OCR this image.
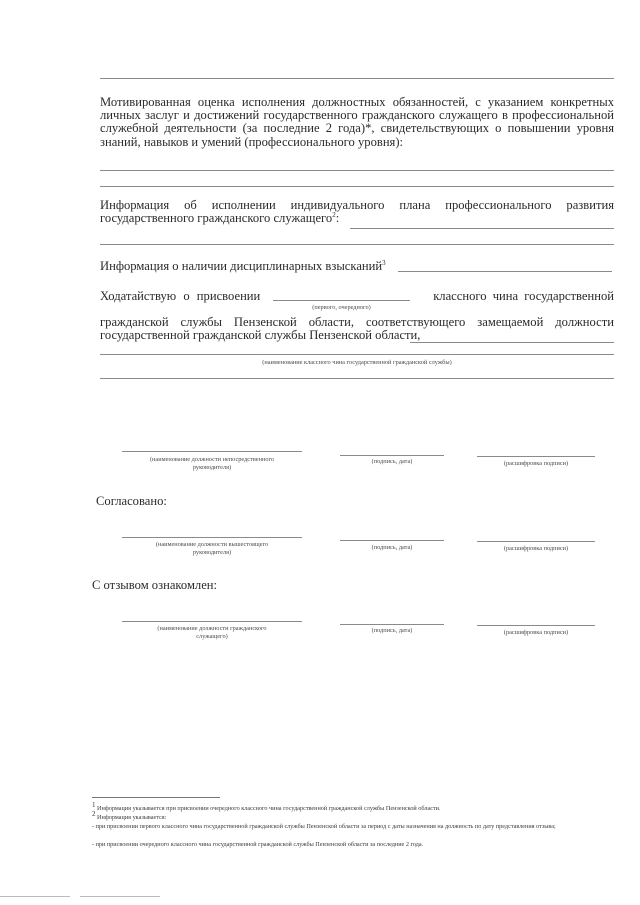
Мотивированная оценка исполнения должностных обязанностей, с указанием конкретных личных заслуг и достижений государственного гражданского служащего в профессиональной служебной деятельности (за последние 2 года)*, свидетельствующих о повышении уровня знаний, навыков и умений (профессионального уровня):
Информация об исполнении индивидуального плана профессионального развития государственного гражданского служащего$^2$:
Информация о наличии дисциплинарных взысканий$^3$
Ходатайствую о присвоении
(первого, очередного)
классного чина государственной
гражданской службы Пензенской области, соответствующего замещаемой должности государственной гражданской службы Пензенской области,
(наименование классного чина государственной гражданской службы)
(наименование должности непосредственного руководителя)
(подпись, дата)	(расшифровка подписи)
Согласовано:
(наименование должности вышестоящего руководителя)
(подпись, дата)	(расшифровка подписи)
С отзывом ознакомлен:
(наименование должности гражданского служащего)
(подпись, дата)	(расшифровка подписи)
$^1$ Информация указывается при присвоении очередного классного чина государственной гражданской службы Пензенской области.
$^2$ Информация указывается:
- при присвоении первого классного чина государственной гражданской службы Пензенской области за период с даты назначения на должность по дату представления отзыва;
- при присвоении очередного классного чина государственной гражданской службы Пензенской области за последние 2 года.
